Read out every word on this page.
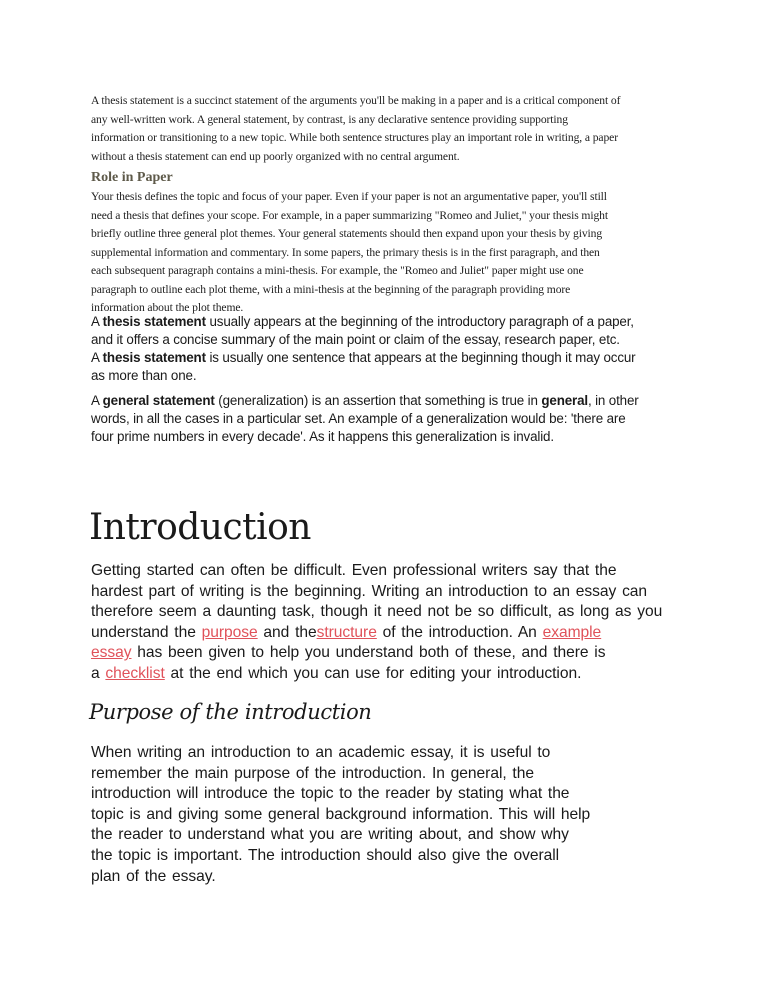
A thesis statement is a succinct statement of the arguments you'll be making in a paper and is a critical component of
any well-written work. A general statement, by contrast, is any declarative sentence providing supporting
information or transitioning to a new topic. While both sentence structures play an important role in writing, a paper
without a thesis statement can end up poorly organized with no central argument.
Role in Paper
Your thesis defines the topic and focus of your paper. Even if your paper is not an argumentative paper, you'll still
need a thesis that defines your scope. For example, in a paper summarizing "Romeo and Juliet," your thesis might
briefly outline three general plot themes. Your general statements should then expand upon your thesis by giving
supplemental information and commentary. In some papers, the primary thesis is in the first paragraph, and then
each subsequent paragraph contains a mini-thesis. For example, the "Romeo and Juliet" paper might use one
paragraph to outline each plot theme, with a mini-thesis at the beginning of the paragraph providing more
information about the plot theme.
A thesis statement usually appears at the beginning of the introductory paragraph of a paper,
and it offers a concise summary of the main point or claim of the essay, research paper, etc.
A thesis statement is usually one sentence that appears at the beginning though it may occur
as more than one.
A general statement (generalization) is an assertion that something is true in general, in other
words, in all the cases in a particular set. An example of a generalization would be: 'there are
four prime numbers in every decade'. As it happens this generalization is invalid.
Introduction
Getting started can often be difficult. Even professional writers say that the
hardest part of writing is the beginning. Writing an introduction to an essay can
therefore seem a daunting task, though it need not be so difficult, as long as you
understand the purpose and thestructure of the introduction. An example
essay has been given to help you understand both of these, and there is
a checklist at the end which you can use for editing your introduction.
Purpose of the introduction
When writing an introduction to an academic essay, it is useful to
remember the main purpose of the introduction. In general, the
introduction will introduce the topic to the reader by stating what the
topic is and giving some general background information. This will help
the reader to understand what you are writing about, and show why
the topic is important. The introduction should also give the overall
plan of the essay.
